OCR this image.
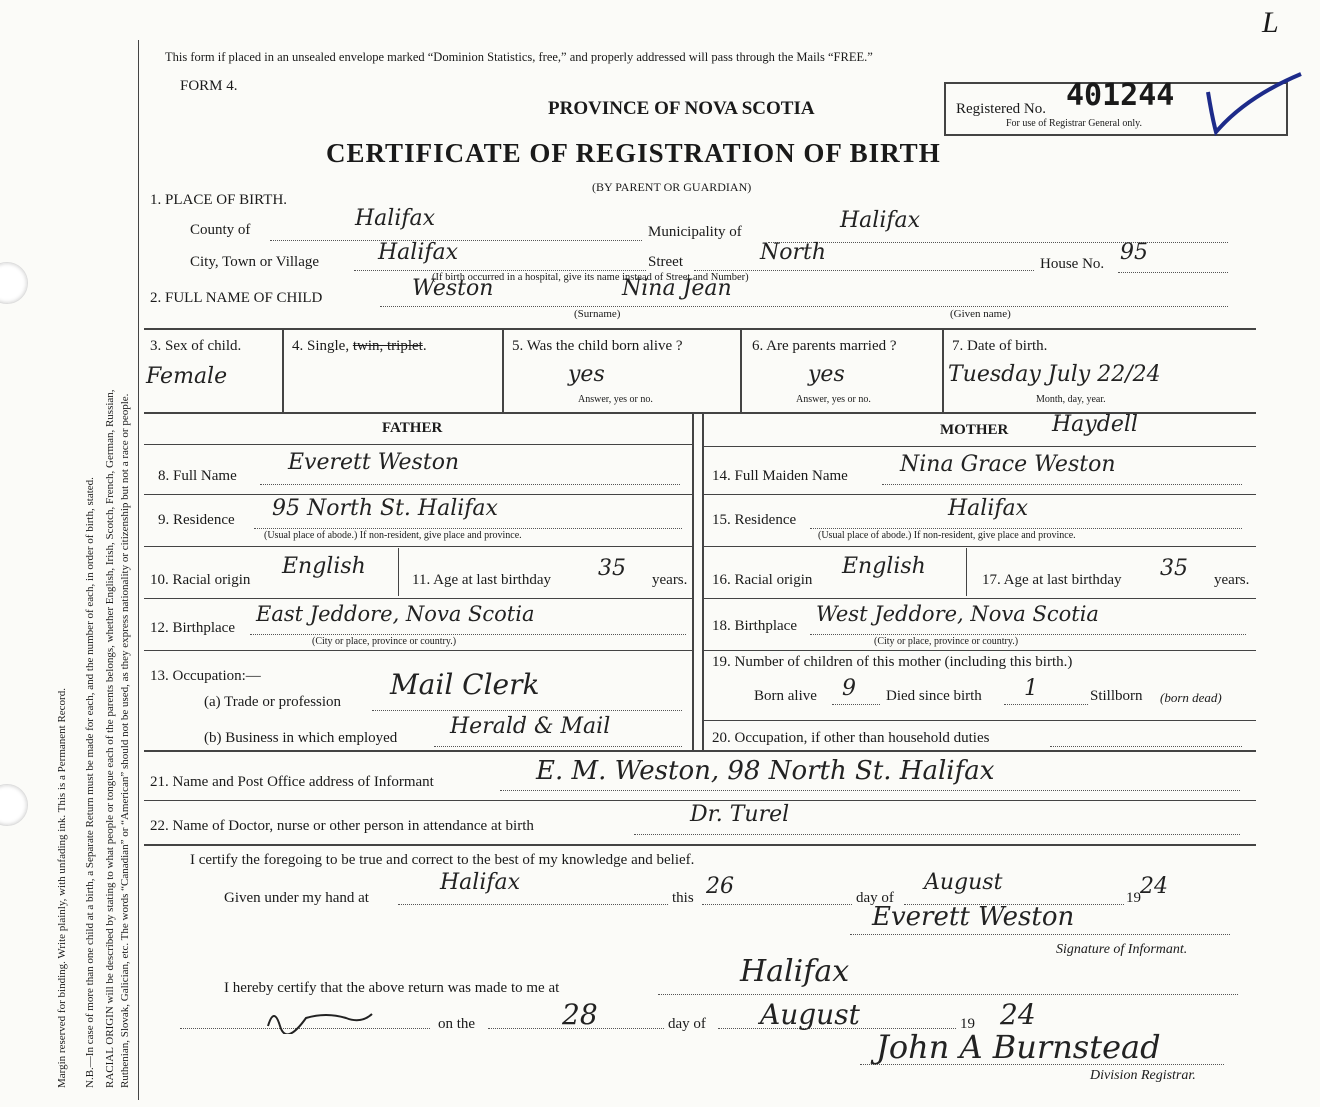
Margin reserved for binding. Write plainly, with unfading ink. This is a Permanent Record. N.B.—In case of more than one child at a birth, a Separate Return must be made for each, and the number of each, in order of birth, stated. RACIAL ORIGIN will be described by stating to what people or tongue each of the parents belongs, whether English, Irish, Scotch, French, German, Russian, Ruthenian, Slovak, Galician, etc. The words “Canadian” or “American” should not be used, as they express nationality or citizenship but not a race or people.
This form if placed in an unsealed envelope marked “Dominion Statistics, free,” and properly addressed will pass through the Mails “FREE.”
FORM 4.
PROVINCE OF NOVA SCOTIA
CERTIFICATE OF REGISTRATION OF BIRTH
(BY PARENT OR GUARDIAN)
Registered No. 401244
For use of Registrar General only.
L
1. PLACE OF BIRTH.
County of	Halifax
Municipality of	Halifax
City, Town or Village	Halifax	Street	North	House No. 95
(If birth occurred in a hospital, give its name instead of Street and Number)
2. FULL NAME OF CHILD	Weston	Nina Jean
(Surname)	(Given name)
3. Sex of child.
Female
4. Single, twin, triplet.	5. Was the child born alive ?
yes
Answer, yes or no.
6. Are parents married ?
yes
Answer, yes or no.
7. Date of birth.
Tuesday July 22/24
Month, day, year.
FATHER
8. Full Name
Everett Weston
9. Residence 95 North St. Halifax
(Usual place of abode.) If non-resident, give place and province.
10. Racial origin
English
11. Age at last birthday 35 years.
12. Birthplace
East Jeddore, Nova Scotia
(City or place, province or country.)
13. Occupation:—
(a) Trade or profession
Mail Clerk
(b) Business in which employed Herald & Mail
MOTHER Haydell
14. Full Maiden Name Nina Grace Weston
15. Residence	Halifax
(Usual place of abode.) If non-resident, give place and province.
16. Racial origin
English
17. Age at last birthday 35 years.
18. Birthplace West Jeddore, Nova Scotia
(City or place, province or country.)
19. Number of children of this mother (including this birth.)
Born alive 9 Died since birth 1	Stillborn (born dead)
20. Occupation, if other than household duties
21. Name and Post Office address of Informant	E. M. Weston, 98 North St. Halifax
22. Name of Doctor, nurse or other person in attendance at birth	Dr. Turel
I certify the foregoing to be true and correct to the best of my knowledge and belief.
Given under my hand at
Halifax
this 26	day of
August
19 24
Everett Weston
Signature of Informant.
I hereby certify that the above return was made to me at	Halifax
on the	28	day of August	19 24
John A Burnstead
Division Registrar.
